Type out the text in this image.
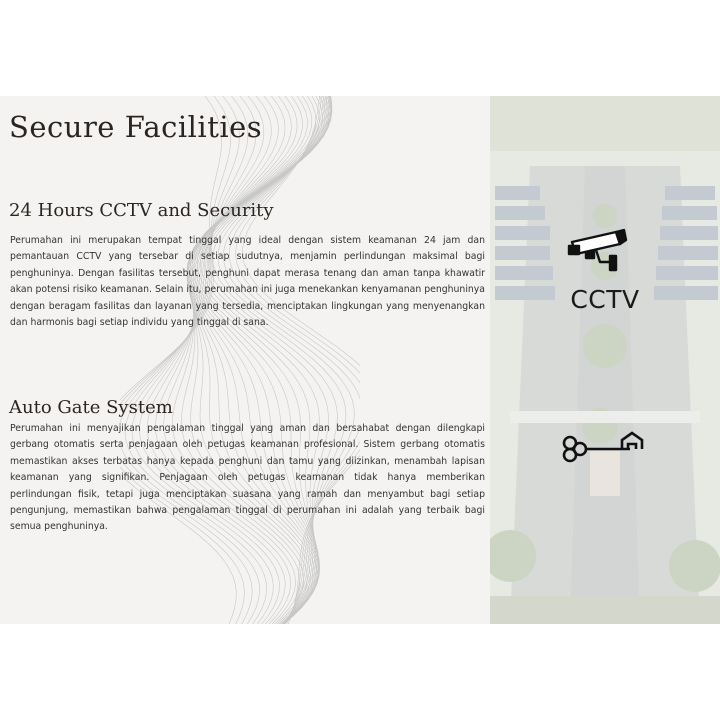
Secure Facilities
24 Hours CCTV and Security

Perumahan ini merupakan tempat tinggal yang ideal dengan sistem keamanan 24 jam dan pemantauan CCTV yang tersebar di setiap sudutnya, menjamin perlindungan maksimal bagi penghuninya. Dengan fasilitas tersebut, penghuni dapat merasa tenang dan aman tanpa khawatir akan potensi risiko keamanan. Selain itu, perumahan ini juga menekankan kenyamanan penghuninya dengan beragam fasilitas dan layanan yang tersedia, menciptakan lingkungan yang menyenangkan dan harmonis bagi setiap individu yang tinggal di sana.

Auto Gate System

Perumahan ini menyajikan pengalaman tinggal yang aman dan bersahabat dengan dilengkapi gerbang otomatis serta penjagaan oleh petugas keamanan profesional. Sistem gerbang otomatis memastikan akses terbatas hanya kepada penghuni dan tamu yang diizinkan, menambah lapisan keamanan yang signifikan. Penjagaan oleh petugas keamanan tidak hanya memberikan perlindungan fisik, tetapi juga menciptakan suasana yang ramah dan menyambut bagi setiap pengunjung, memastikan bahwa pengalaman tinggal di perumahan ini adalah yang terbaik bagi semua penghuninya.

CCTV
